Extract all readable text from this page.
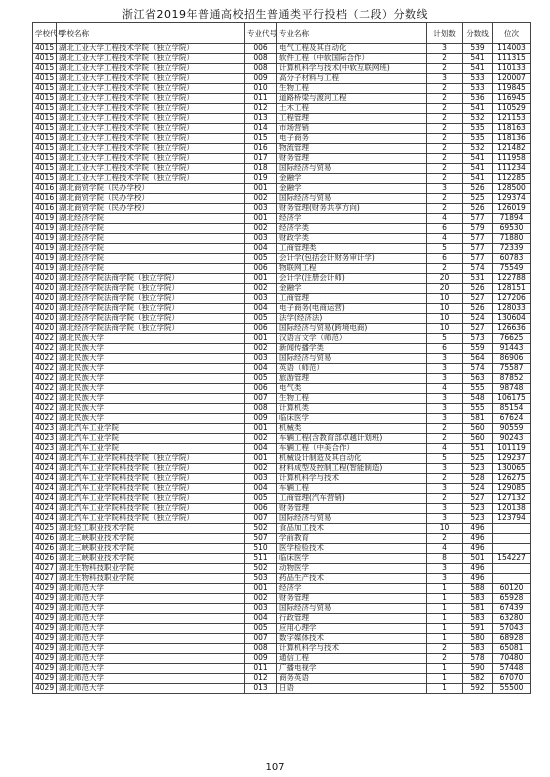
浙江省2019年普通高校招生普通类平行投档（二段）分数线
学校代号	学校名称	专业代号	专业名称	计划数	分数线	位次
4015	湖北工业大学工程技术学院（独立学院）	006	电气工程及其自动化	3	539	114003
4015	湖北工业大学工程技术学院（独立学院）	008	软件工程（中软国际合作）	2	541	111315
4015	湖北工业大学工程技术学院（独立学院）	008	计算机科学与技术(中软互联网班)	2	541	110133
4015	湖北工业大学工程技术学院（独立学院）	009	高分子材料与工程	3	533	120007
4015	湖北工业大学工程技术学院（独立学院）	010	生物工程	2	533	119845
4015	湖北工业大学工程技术学院（独立学院）	011	道路桥梁与渡河工程	2	536	116945
4015	湖北工业大学工程技术学院（独立学院）	012	土木工程	2	541	110529
4015	湖北工业大学工程技术学院（独立学院）	013	工程管理	2	532	121153
4015	湖北工业大学工程技术学院（独立学院）	014	市场营销	2	535	118163
4015	湖北工业大学工程技术学院（独立学院）	015	电子商务	2	535	118136
4015	湖北工业大学工程技术学院（独立学院）	016	物流管理	2	532	121482
4015	湖北工业大学工程技术学院（独立学院）	017	财务管理	2	541	111958
4015	湖北工业大学工程技术学院（独立学院）	018	国际经济与贸易	2	541	111234
4015	湖北工业大学工程技术学院（独立学院）	019	金融学	2	541	112285
4016	湖北商贸学院（民办学校）	001	金融学	3	526	128500
4016	湖北商贸学院（民办学校）	002	国际经济与贸易	2	525	129374
4016	湖北商贸学院（民办学校）	003	财务管理(财务共享方向)	2	526	126019
4019	湖北经济学院	001	经济学	4	577	71894
4019	湖北经济学院	002	经济学类	6	579	69530
4019	湖北经济学院	003	财政学类	4	577	71880
4019	湖北经济学院	004	工商管理类	5	577	72339
4019	湖北经济学院	005	会计学(包括会计财务审计学)	6	577	60783
4019	湖北经济学院	006	物联网工程	2	574	75549
4020	湖北经济学院法商学院（独立学院）	001	会计学(注册会计师)	20	531	122788
4020	湖北经济学院法商学院（独立学院）	002	金融学	20	526	128151
4020	湖北经济学院法商学院（独立学院）	003	工商管理	10	527	127206
4020	湖北经济学院法商学院（独立学院）	004	电子商务(电商运营)	10	526	128033
4020	湖北经济学院法商学院（独立学院）	005	法学(经济法)	10	524	130604
4020	湖北经济学院法商学院（独立学院）	006	国际经济与贸易(跨境电商)	10	527	126636
4022	湖北民族大学	001	汉语言文学（师范）	5	573	76625
4022	湖北民族大学	002	新闻传播学类	6	559	91443
4022	湖北民族大学	003	国际经济与贸易	3	564	86906
4022	湖北民族大学	004	英语（师范）	3	574	75587
4022	湖北民族大学	005	旅游管理	3	563	87852
4022	湖北民族大学	006	电气类	4	555	98748
4022	湖北民族大学	007	生物工程	3	548	106175
4022	湖北民族大学	008	计算机类	3	555	85154
4022	湖北民族大学	009	临床医学	3	581	67624
4023	湖北汽车工业学院	001	机械类	2	560	90559
4023	湖北汽车工业学院	002	车辆工程(含教育部卓越计划班)	2	560	90243
4023	湖北汽车工业学院	004	车辆工程（中美合作）	4	551	101119
4024	湖北汽车工业学院科技学院（独立学院）	001	机械设计制造及其自动化	5	525	129237
4024	湖北汽车工业学院科技学院（独立学院）	002	材料成型及控制工程(智能制造)	3	523	130065
4024	湖北汽车工业学院科技学院（独立学院）	003	计算机科学与技术	2	528	126275
4024	湖北汽车工业学院科技学院（独立学院）	004	车辆工程	3	524	129085
4024	湖北汽车工业学院科技学院（独立学院）	005	工商管理(汽车营销)	2	527	127132
4024	湖北汽车工业学院科技学院（独立学院）	006	财务管理	3	523	120138
4024	湖北汽车工业学院科技学院（独立学院）	007	国际经济与贸易	3	523	123794
4025	湖北轻工职业技术学院	502	食品加工技术	10	496	
4026	湖北三峡职业技术学院	507	学前教育	2	496	
4026	湖北三峡职业技术学院	510	医学检验技术	4	496	
4026	湖北三峡职业技术学院	511	临床医学	8	501	154227
4027	湖北生物科技职业学院	502	动物医学	3	496	
4027	湖北生物科技职业学院	503	药品生产技术	3	496	
4029	湖北师范大学	001	经济学	1	588	60120
4029	湖北师范大学	002	财务管理	1	583	65928
4029	湖北师范大学	003	国际经济与贸易	1	581	67439
4029	湖北师范大学	004	行政管理	1	583	63280
4029	湖北师范大学	005	应用心理学	1	591	57043
4029	湖北师范大学	007	数字媒体技术	1	580	68928
4029	湖北师范大学	008	计算机科学与技术	2	583	65081
4029	湖北师范大学	009	通信工程	2	578	70480
4029	湖北师范大学	011	广播电视学	1	590	57448
4029	湖北师范大学	012	商务英语	1	582	67070
4029	湖北师范大学	013	日语	1	592	55500
107
